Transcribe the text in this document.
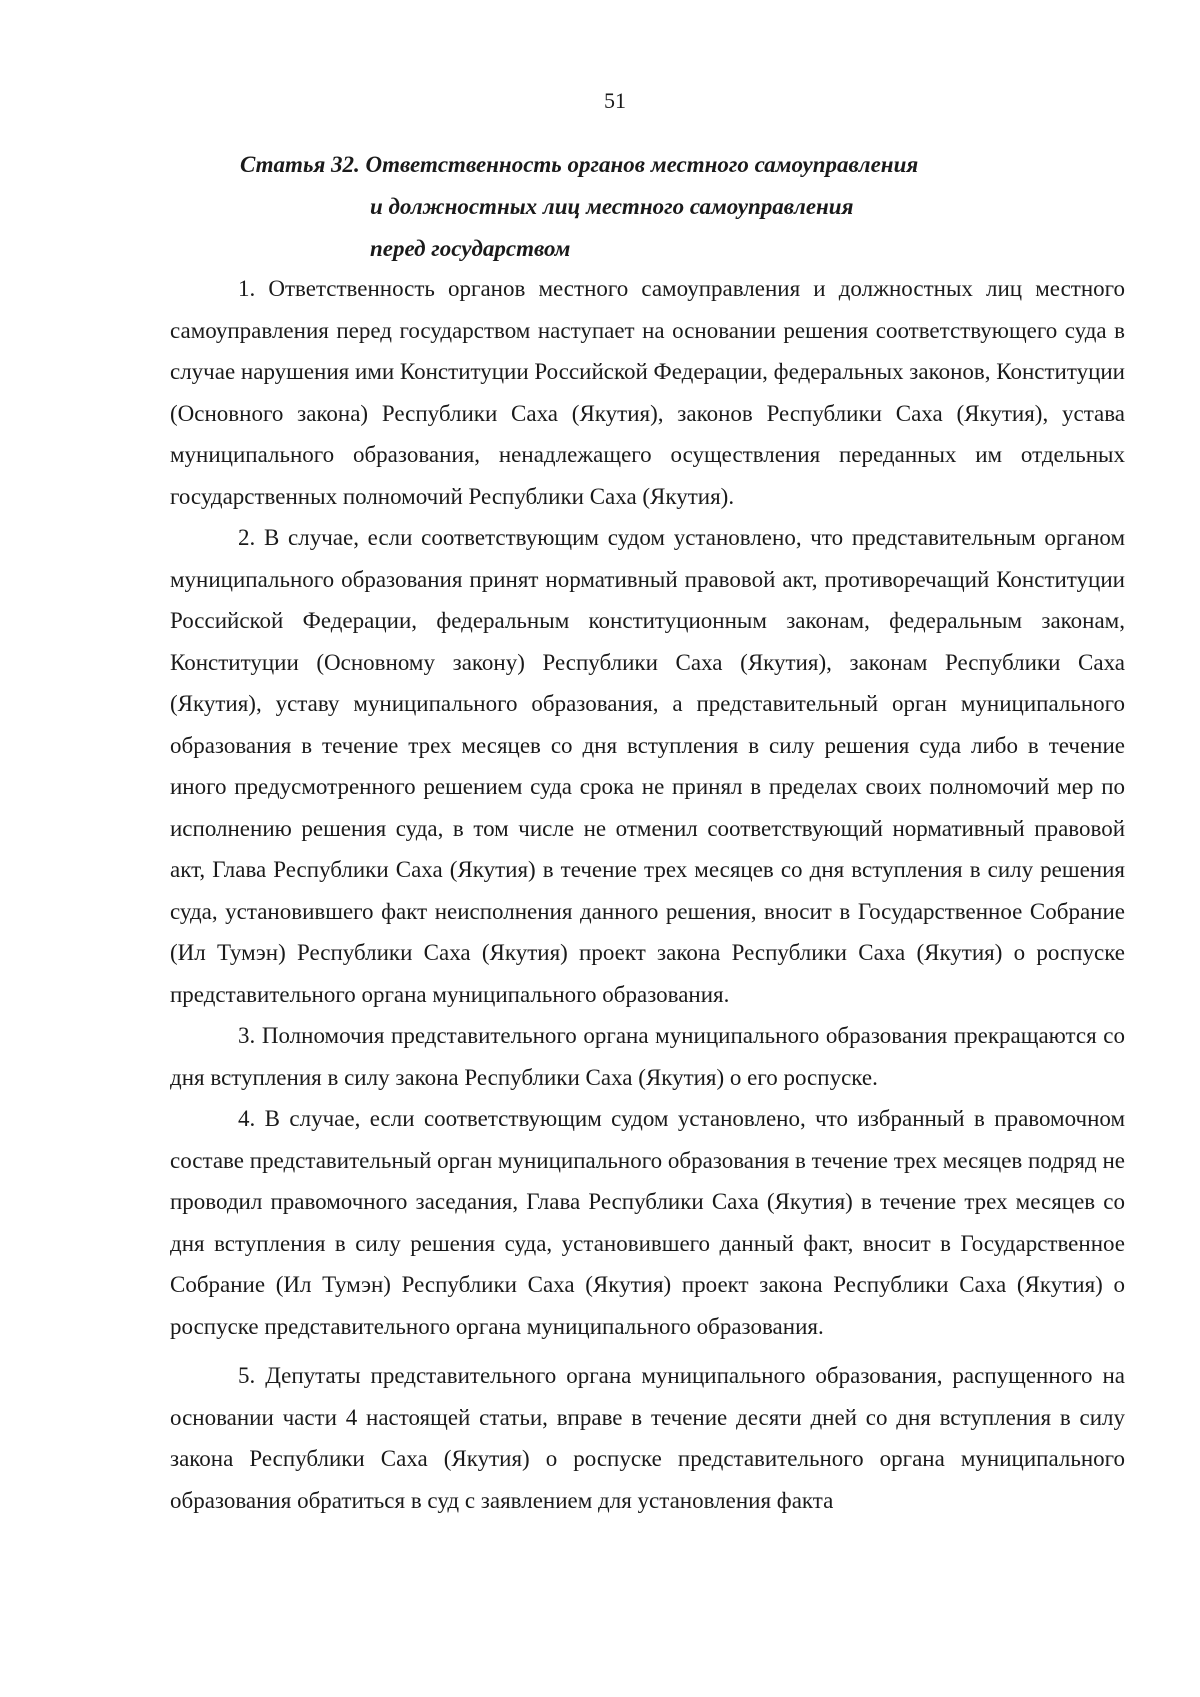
51
Статья 32. Ответственность органов местного самоуправления
и должностных лиц местного самоуправления
перед государством

1. Ответственность органов местного самоуправления и должностных лиц местного самоуправления перед государством наступает на основании решения соответствующего суда в случае нарушения ими Конституции Российской Федерации, федеральных законов, Конституции (Основного закона) Республики Саха (Якутия), законов Республики Саха (Якутия), устава муниципального образования, ненадлежащего осуществления переданных им отдельных государственных полномочий Республики Саха (Якутия).

2. В случае, если соответствующим судом установлено, что представительным органом муниципального образования принят нормативный правовой акт, противоречащий Конституции Российской Федерации, федеральным конституционным законам, федеральным законам, Конституции (Основному закону) Республики Саха (Якутия), законам Республики Саха (Якутия), уставу муниципального образования, а представительный орган муниципального образования в течение трех месяцев со дня вступления в силу решения суда либо в течение иного предусмотренного решением суда срока не принял в пределах своих полномочий мер по исполнению решения суда, в том числе не отменил соответствующий нормативный правовой акт, Глава Республики Саха (Якутия) в течение трех месяцев со дня вступления в силу решения суда, установившего факт неисполнения данного решения, вносит в Государственное Собрание (Ил Тумэн) Республики Саха (Якутия) проект закона Республики Саха (Якутия) о роспуске представительного органа муниципального образования.

3. Полномочия представительного органа муниципального образования прекращаются со дня вступления в силу закона Республики Саха (Якутия) о его роспуске.

4. В случае, если соответствующим судом установлено, что избранный в правомочном составе представительный орган муниципального образования в течение трех месяцев подряд не проводил правомочного заседания, Глава Республики Саха (Якутия) в течение трех месяцев со дня вступления в силу решения суда, установившего данный факт, вносит в Государственное Собрание (Ил Тумэн) Республики Саха (Якутия) проект закона Республики Саха (Якутия) о роспуске представительного органа муниципального образования.

5. Депутаты представительного органа муниципального образования, распущенного на основании части 4 настоящей статьи, вправе в течение десяти дней со дня вступления в силу закона Республики Саха (Якутия) о роспуске представительного органа муниципального образования обратиться в суд с заявлением для установления факта
